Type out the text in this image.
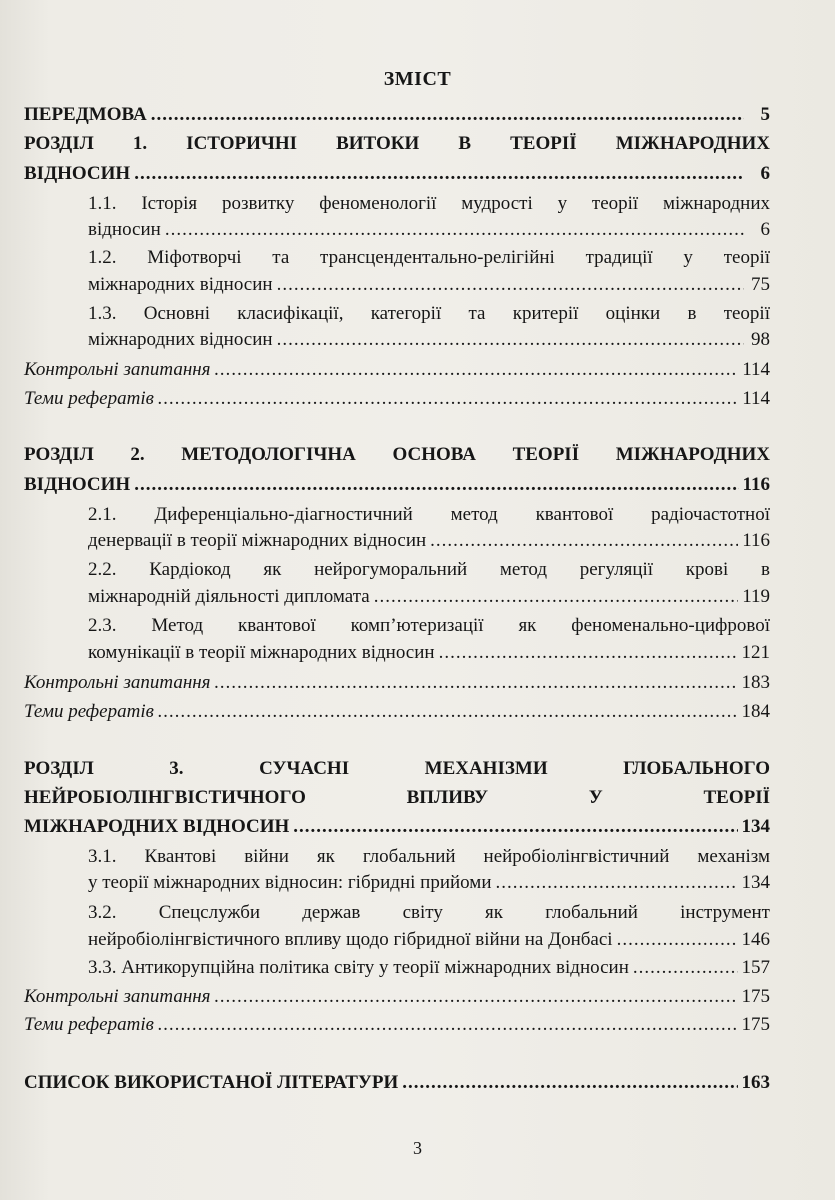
ЗМІСТ
ПЕРЕДМОВА .....	5
РОЗДІЛ 1. ІСТОРИЧНІ ВИТОКИ В ТЕОРІЇ МІЖНАРОДНИХ
ВІДНОСИН .....	6
1.1. Історія розвитку феноменології мудрості у теорії міжнародних
відносин .....	6
1.2. Міфотворчі та трансцендентально-релігійні традиції у теорії
міжнародних відносин .....	75
1.3. Основні класифікації, категорії та критерії оцінки в теорії
міжнародних відносин .....	98
Контрольні запитання .....	114
Теми рефератів .....	114
РОЗДІЛ 2. МЕТОДОЛОГІЧНА ОСНОВА ТЕОРІЇ МІЖНАРОДНИХ
ВІДНОСИН .....	116
2.1. Диференціально-діагностичний метод квантової радіочастотної
денервації в теорії міжнародних відносин .....	116
2.2. Кардіокод як нейрогуморальний метод регуляції крові в
міжнародній діяльності дипломата .....	119
2.3. Метод квантової комп’ютеризації як феноменально-цифрової
комунікації в теорії міжнародних відносин .....	121
Контрольні запитання .....	183
Теми рефератів .....	184
РОЗДІЛ 3. СУЧАСНІ МЕХАНІЗМИ ГЛОБАЛЬНОГО
НЕЙРОБІОЛІНГВІСТИЧНОГО ВПЛИВУ У ТЕОРІЇ
МІЖНАРОДНИХ ВІДНОСИН .....	134
3.1. Квантові війни як глобальний нейробіолінгвістичний механізм
у теорії міжнародних відносин: гібридні прийоми .....	134
3.2. Спецслужби держав світу як глобальний інструмент
нейробіолінгвістичного впливу щодо гібридної війни на Донбасі .....	146
3.3. Антикорупційна політика світу у теорії міжнародних відносин .....	157
Контрольні запитання .....	175
Теми рефератів .....	175
СПИСОК ВИКОРИСТАНОЇ ЛІТЕРАТУРИ .....	163
3
